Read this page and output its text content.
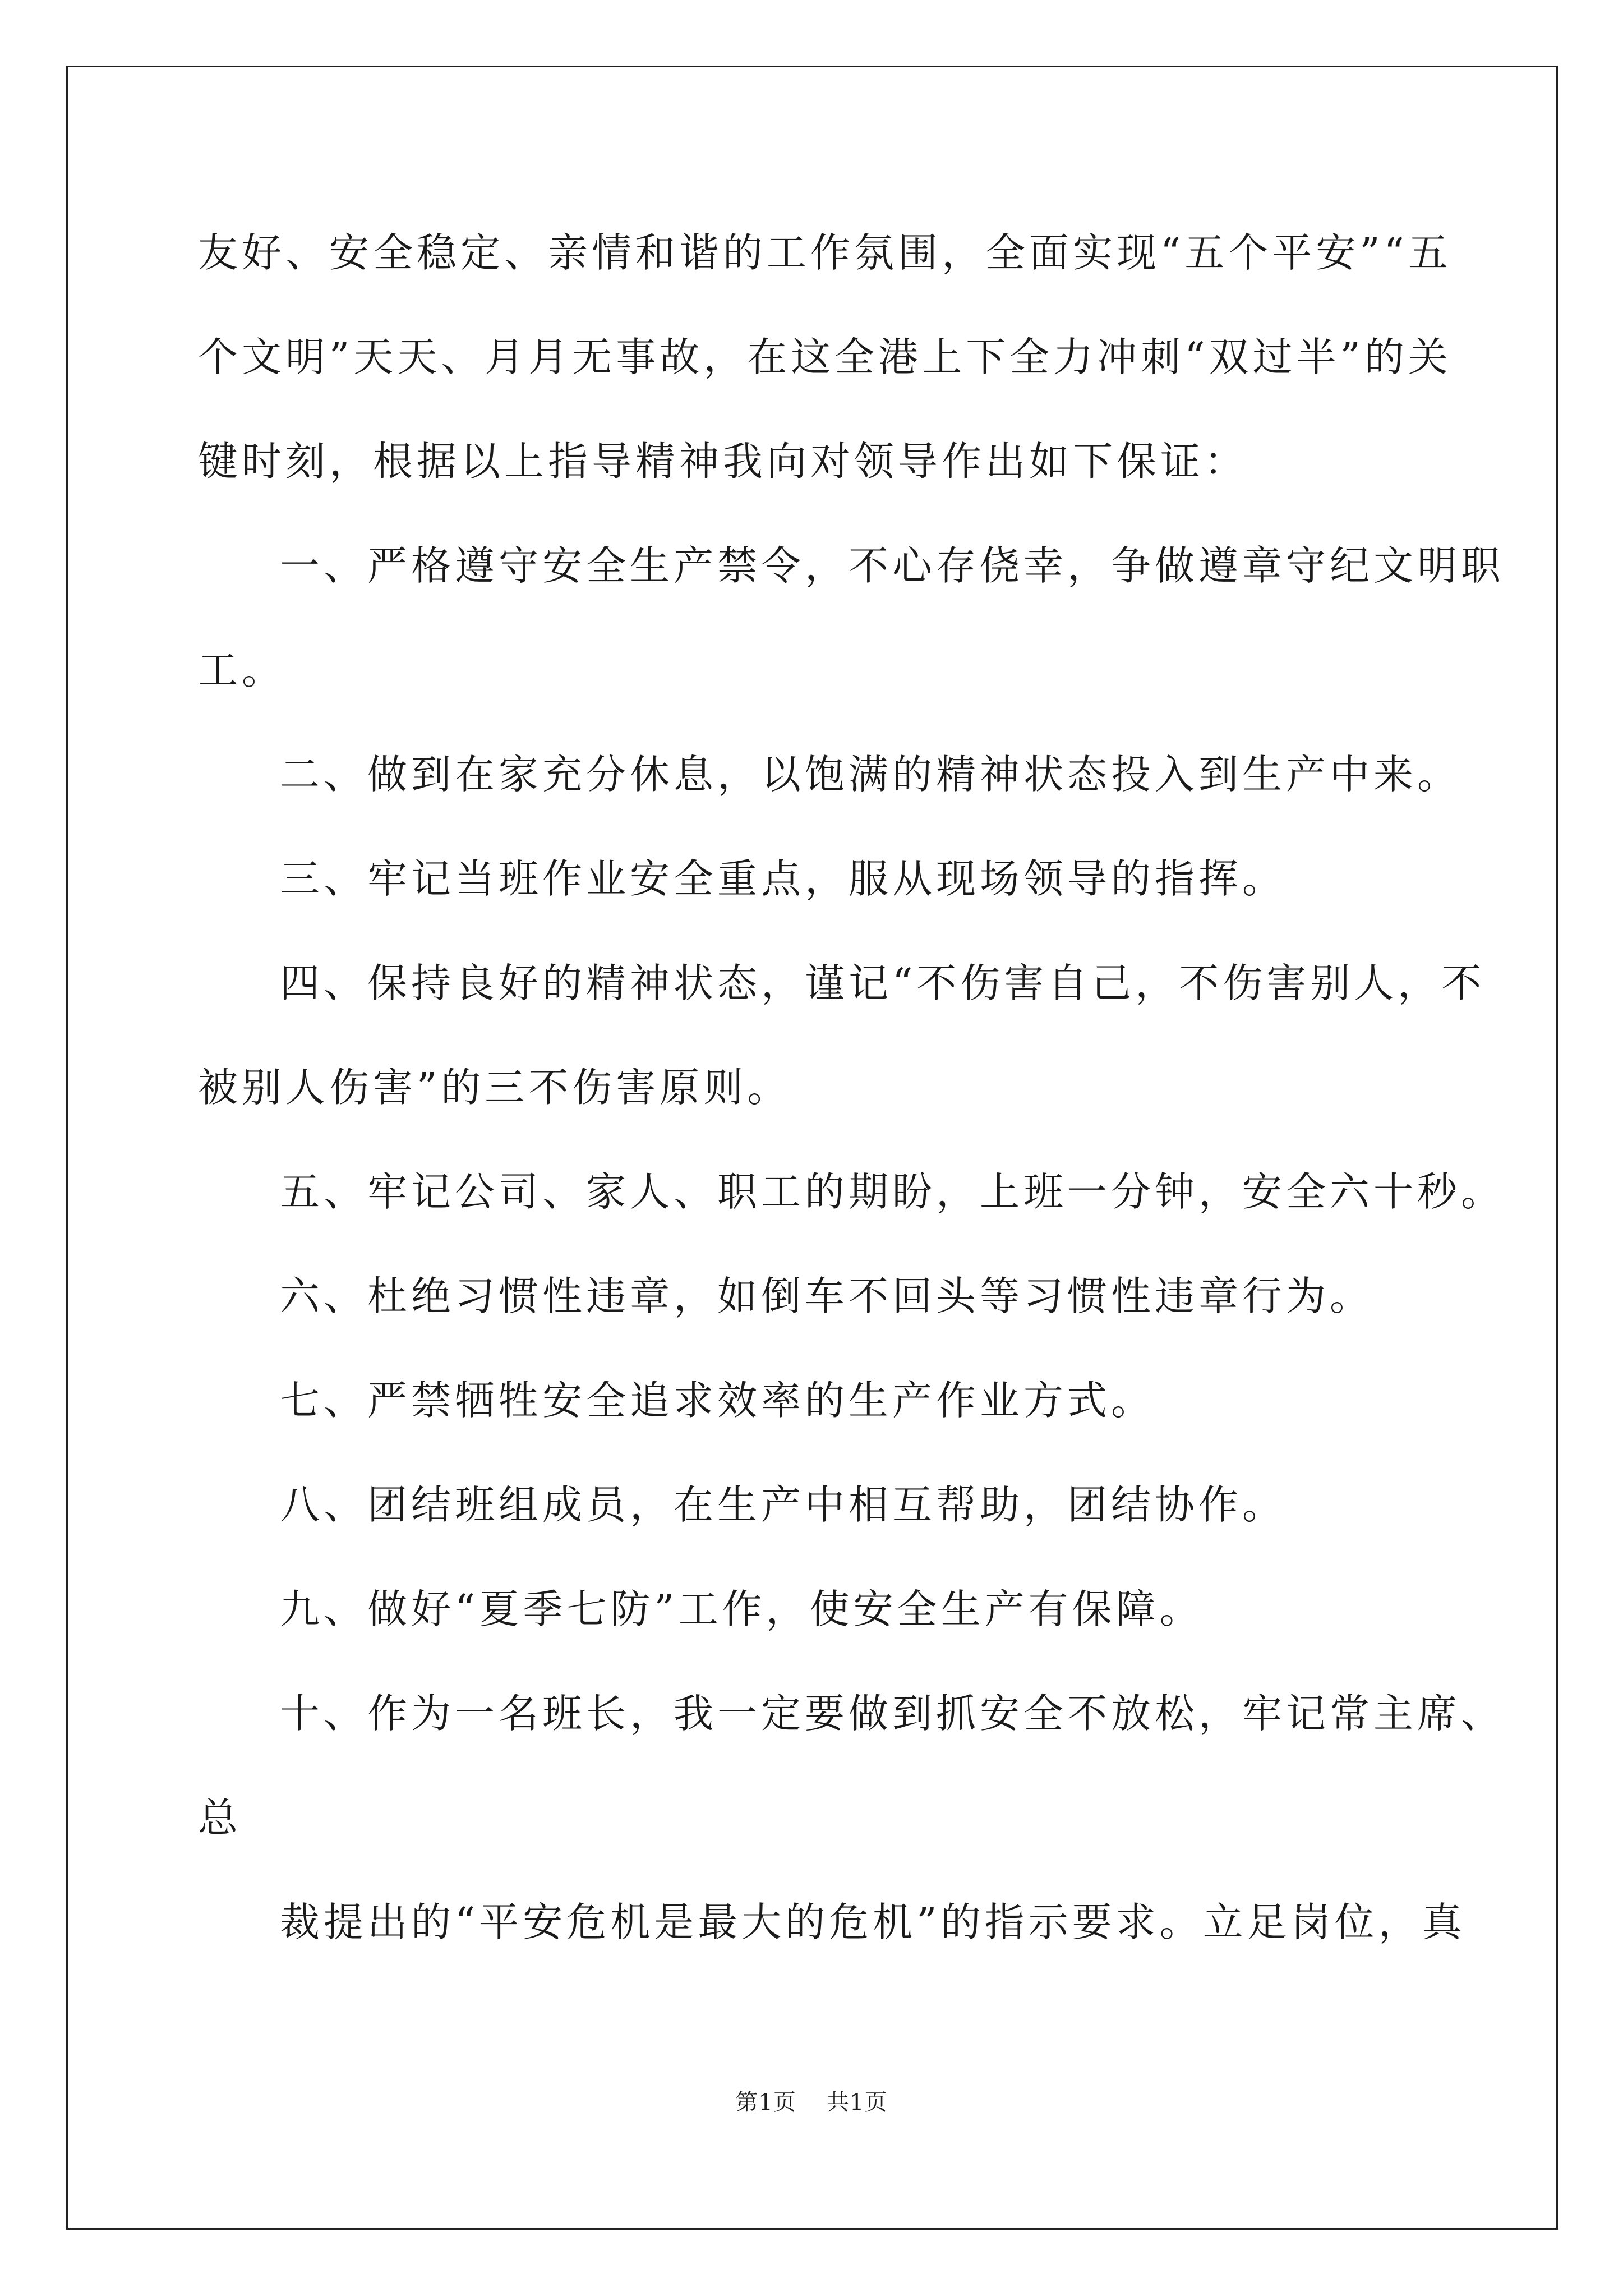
友好、安全稳定、亲情和谐的工作氛围，全面实现“五个平安”“五
个文明”天天、月月无事故，在这全港上下全力冲刺“双过半”的关
键时刻，根据以上指导精神我向对领导作出如下保证：
一、严格遵守安全生产禁令，不心存侥幸，争做遵章守纪文明职
工。
二、做到在家充分休息，以饱满的精神状态投入到生产中来。
三、牢记当班作业安全重点，服从现场领导的指挥。
四、保持良好的精神状态，谨记“不伤害自己，不伤害别人，不
被别人伤害”的三不伤害原则。
五、牢记公司、家人、职工的期盼，上班一分钟，安全六十秒。
六、杜绝习惯性违章，如倒车不回头等习惯性违章行为。
七、严禁牺牲安全追求效率的生产作业方式。
八、团结班组成员，在生产中相互帮助，团结协作。
九、做好“夏季七防”工作，使安全生产有保障。
十、作为一名班长，我一定要做到抓安全不放松，牢记常主席、
总
裁提出的“平安危机是最大的危机”的指示要求。立足岗位，真
第1页 共1页
